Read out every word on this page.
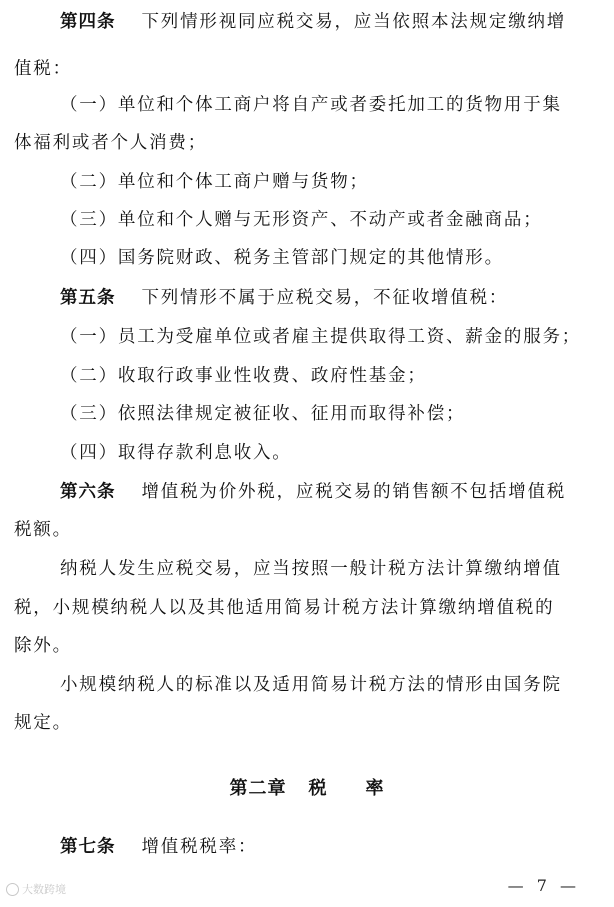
第四条 下列情形视同应税交易，应当依照本法规定缴纳增
值税：
（一）单位和个体工商户将自产或者委托加工的货物用于集
体福利或者个人消费；
（二）单位和个体工商户赠与货物；
（三）单位和个人赠与无形资产、不动产或者金融商品；
（四）国务院财政、税务主管部门规定的其他情形。
第五条 下列情形不属于应税交易，不征收增值税：
（一）员工为受雇单位或者雇主提供取得工资、薪金的服务；
（二）收取行政事业性收费、政府性基金；
（三）依照法律规定被征收、征用而取得补偿；
（四）取得存款利息收入。
第六条 增值税为价外税，应税交易的销售额不包括增值税
税额。
纳税人发生应税交易，应当按照一般计税方法计算缴纳增值
税，小规模纳税人以及其他适用简易计税方法计算缴纳增值税的
除外。
小规模纳税人的标准以及适用简易计税方法的情形由国务院
规定。
第二章 税 率
第七条 增值税税率：
大数跨境	— 7 —
